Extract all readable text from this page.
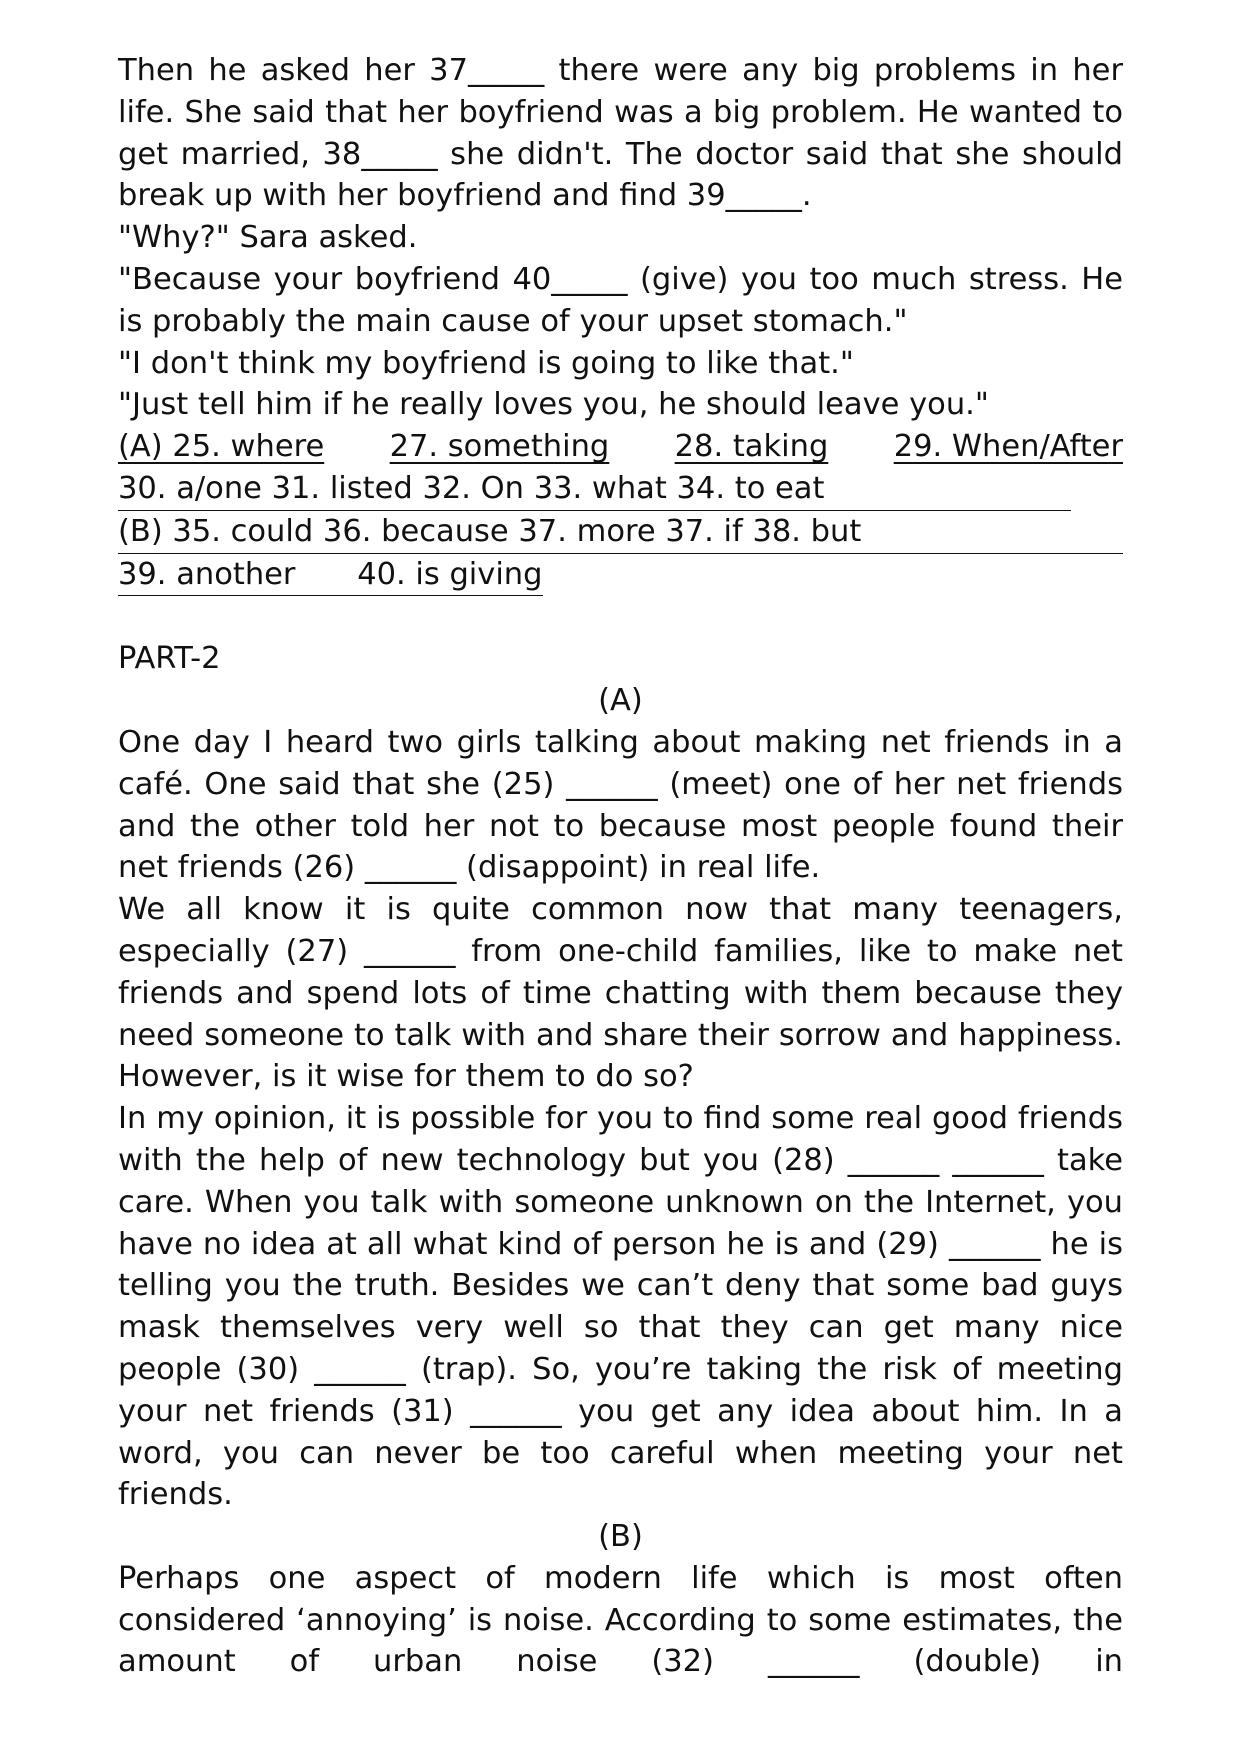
Then he asked her 37_____ there were any big problems in her life. She said that her boyfriend was a big problem. He wanted to get married, 38_____ she didn't. The doctor said that she should break up with her boyfriend and find 39_____.

"Why?" Sara asked.

"Because your boyfriend 40_____ (give) you too much stress. He is probably the main cause of your upset stomach."

"I don't think my boyfriend is going to like that."

"Just tell him if he really loves you, he should leave you."

(A) 25. where 27. something 28. taking 29. When/After
30. a/one 31. listed 32. On 33. what 34. to eat
(B) 35. could 36. because 37. more 37. if 38. but
39. another 40. is giving

PART-2

(A)

One day I heard two girls talking about making net friends in a café. One said that she (25) ______ (meet) one of her net friends and the other told her not to because most people found their net friends (26) ______ (disappoint) in real life.

We all know it is quite common now that many teenagers, especially (27) ______ from one-child families, like to make net friends and spend lots of time chatting with them because they need someone to talk with and share their sorrow and happiness. However, is it wise for them to do so?

In my opinion, it is possible for you to find some real good friends with the help of new technology but you (28) ______ ______ take care. When you talk with someone unknown on the Internet, you have no idea at all what kind of person he is and (29) ______ he is telling you the truth. Besides we can’t deny that some bad guys mask themselves very well so that they can get many nice people (30) ______ (trap). So, you’re taking the risk of meeting your net friends (31) ______ you get any idea about him. In a word, you can never be too careful when meeting your net friends.

(B)

Perhaps one aspect of modern life which is most often considered ‘annoying’ is noise. According to some estimates, the amount of urban noise (32) ______ (double) in
